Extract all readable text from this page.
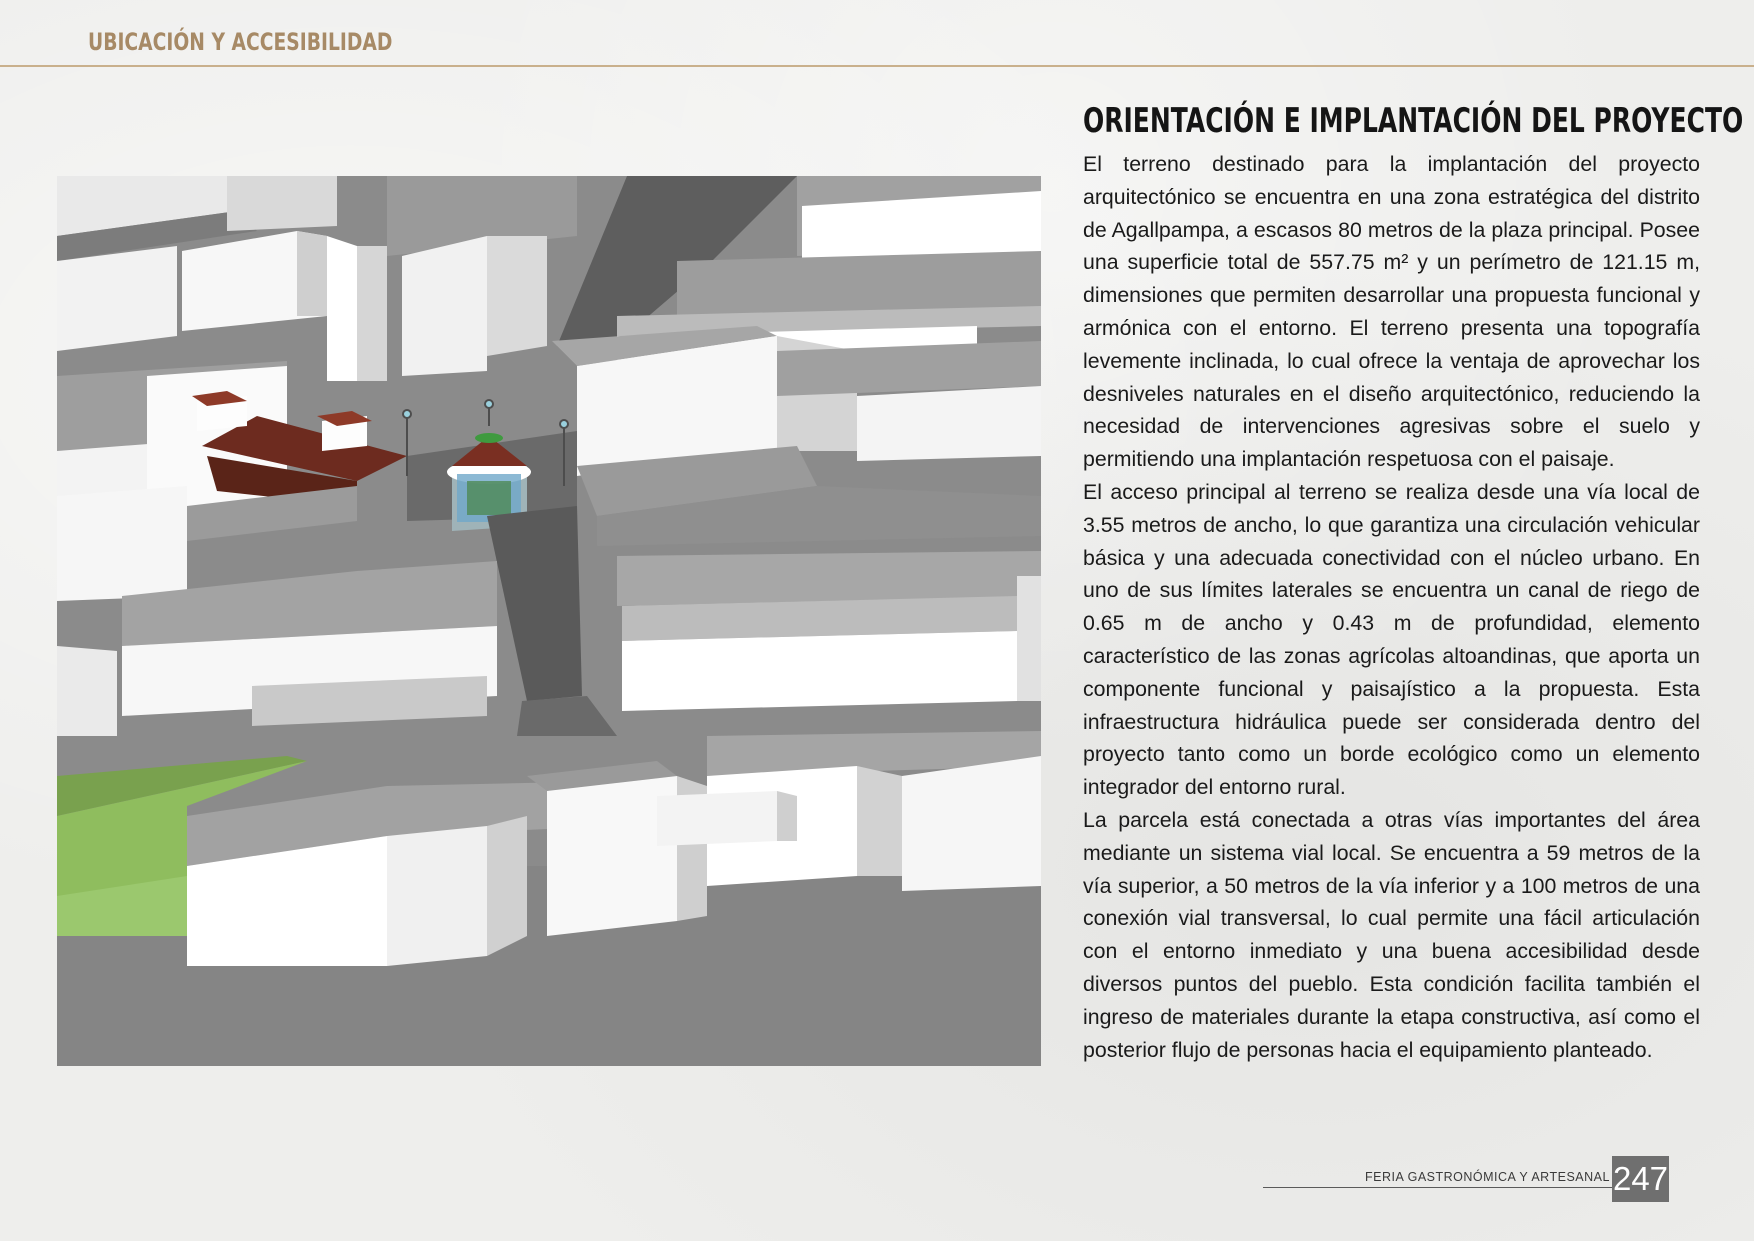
UBICACIÓN Y ACCESIBILIDAD
ORIENTACIÓN E IMPLANTACIÓN DEL PROYECTO

El terreno destinado para la implantación del proyecto arquitectónico se encuentra en una zona estratégica del distrito de Agallpampa, a escasos 80 metros de la plaza principal. Posee una superficie total de 557.75 m² y un perímetro de 121.15 m, dimensiones que permiten desarrollar una propuesta funcional y armónica con el entorno. El terreno presenta una topografía levemente inclinada, lo cual ofrece la ventaja de aprovechar los desniveles naturales en el diseño arquitectónico, reduciendo la necesidad de intervenciones agresivas sobre el suelo y permitiendo una implantación respetuosa con el paisaje.

El acceso principal al terreno se realiza desde una vía local de 3.55 metros de ancho, lo que garantiza una circulación vehicular básica y una adecuada conectividad con el núcleo urbano. En uno de sus límites laterales se encuentra un canal de riego de 0.65 m de ancho y 0.43 m de profundidad, elemento característico de las zonas agrícolas altoandinas, que aporta un componente funcional y paisajístico a la propuesta. Esta infraestructura hidráulica puede ser considerada dentro del proyecto tanto como un borde ecológico como un elemento integrador del entorno rural.

La parcela está conectada a otras vías importantes del área mediante un sistema vial local. Se encuentra a 59 metros de la vía superior, a 50 metros de la vía inferior y a 100 metros de una conexión vial transversal, lo cual permite una fácil articulación con el entorno inmediato y una buena accesibilidad desde diversos puntos del pueblo. Esta condición facilita también el ingreso de materiales durante la etapa constructiva, así como el posterior flujo de personas hacia el equipamiento planteado.

FERIA GASTRONÓMICA Y ARTESANAL 247
